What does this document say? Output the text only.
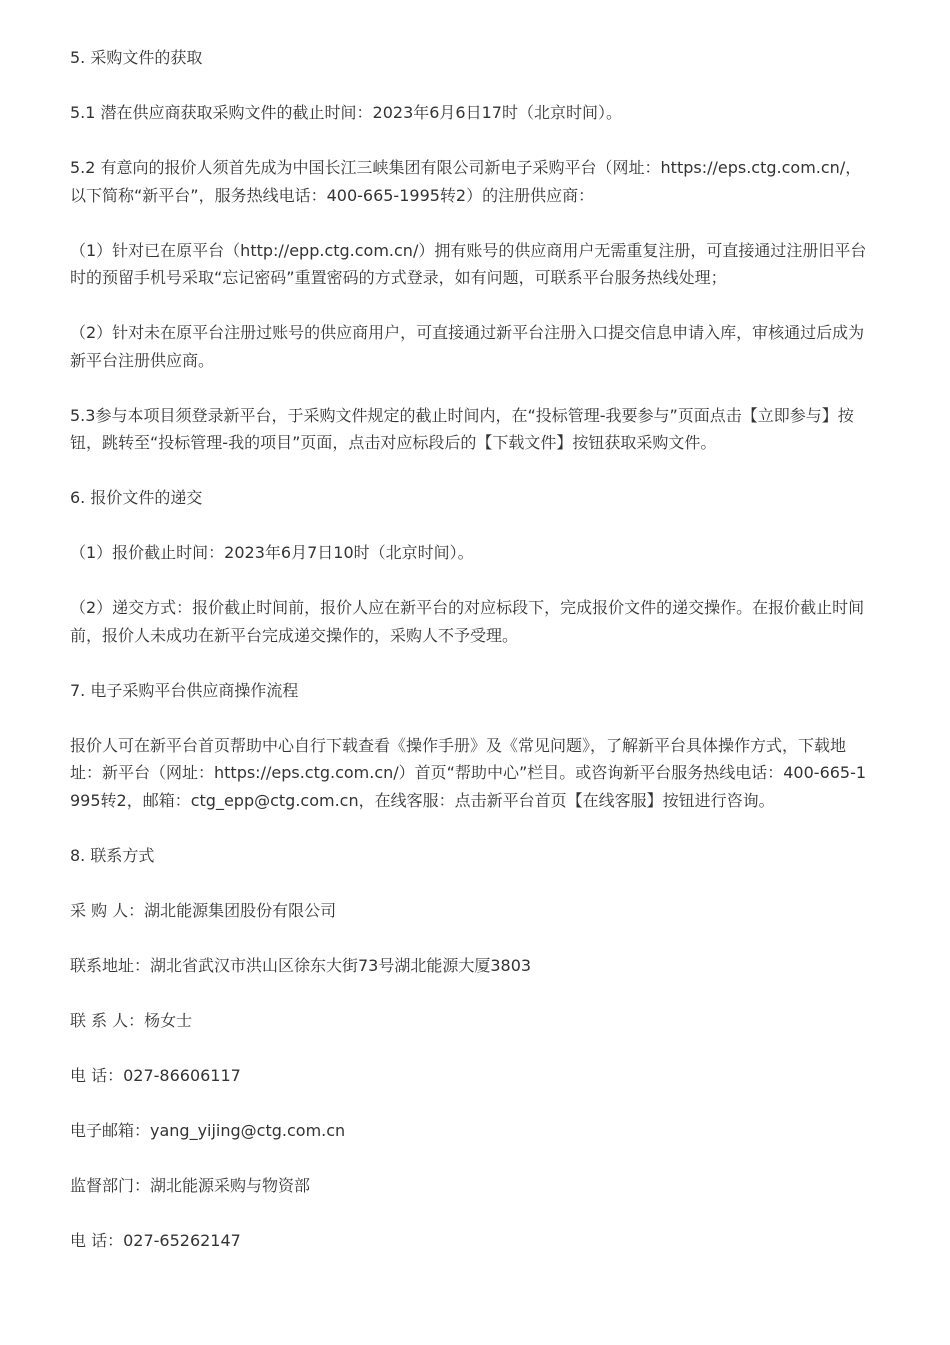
5. 采购文件的获取

5.1 潜在供应商获取采购文件的截止时间：2023年6月6日17时（北京时间）。

5.2 有意向的报价人须首先成为中国长江三峡集团有限公司新电子采购平台（网址：https://eps.ctg.com.cn/，以下简称“新平台”，服务热线电话：400-665-1995转2）的注册供应商：

（1）针对已在原平台（http://epp.ctg.com.cn/）拥有账号的供应商用户无需重复注册，可直接通过注册旧平台时的预留手机号采取“忘记密码”重置密码的方式登录，如有问题，可联系平台服务热线处理；

（2）针对未在原平台注册过账号的供应商用户，可直接通过新平台注册入口提交信息申请入库，审核通过后成为新平台注册供应商。

5.3参与本项目须登录新平台，于采购文件规定的截止时间内，在“投标管理-我要参与”页面点击【立即参与】按钮，跳转至“投标管理-我的项目”页面，点击对应标段后的【下载文件】按钮获取采购文件。

6. 报价文件的递交

（1）报价截止时间：2023年6月7日10时（北京时间）。

（2）递交方式：报价截止时间前，报价人应在新平台的对应标段下，完成报价文件的递交操作。在报价截止时间前，报价人未成功在新平台完成递交操作的，采购人不予受理。

7. 电子采购平台供应商操作流程

报价人可在新平台首页帮助中心自行下载查看《操作手册》及《常见问题》，了解新平台具体操作方式，下载地址：新平台（网址：https://eps.ctg.com.cn/）首页“帮助中心”栏目。或咨询新平台服务热线电话：400-665-1995转2，邮箱：ctg_epp@ctg.com.cn，在线客服：点击新平台首页【在线客服】按钮进行咨询。

8. 联系方式

采 购 人：湖北能源集团股份有限公司

联系地址：湖北省武汉市洪山区徐东大街73号湖北能源大厦3803

联 系 人：杨女士

电 话：027-86606117

电子邮箱：yang_yijing@ctg.com.cn

监督部门：湖北能源采购与物资部

电 话：027-65262147
